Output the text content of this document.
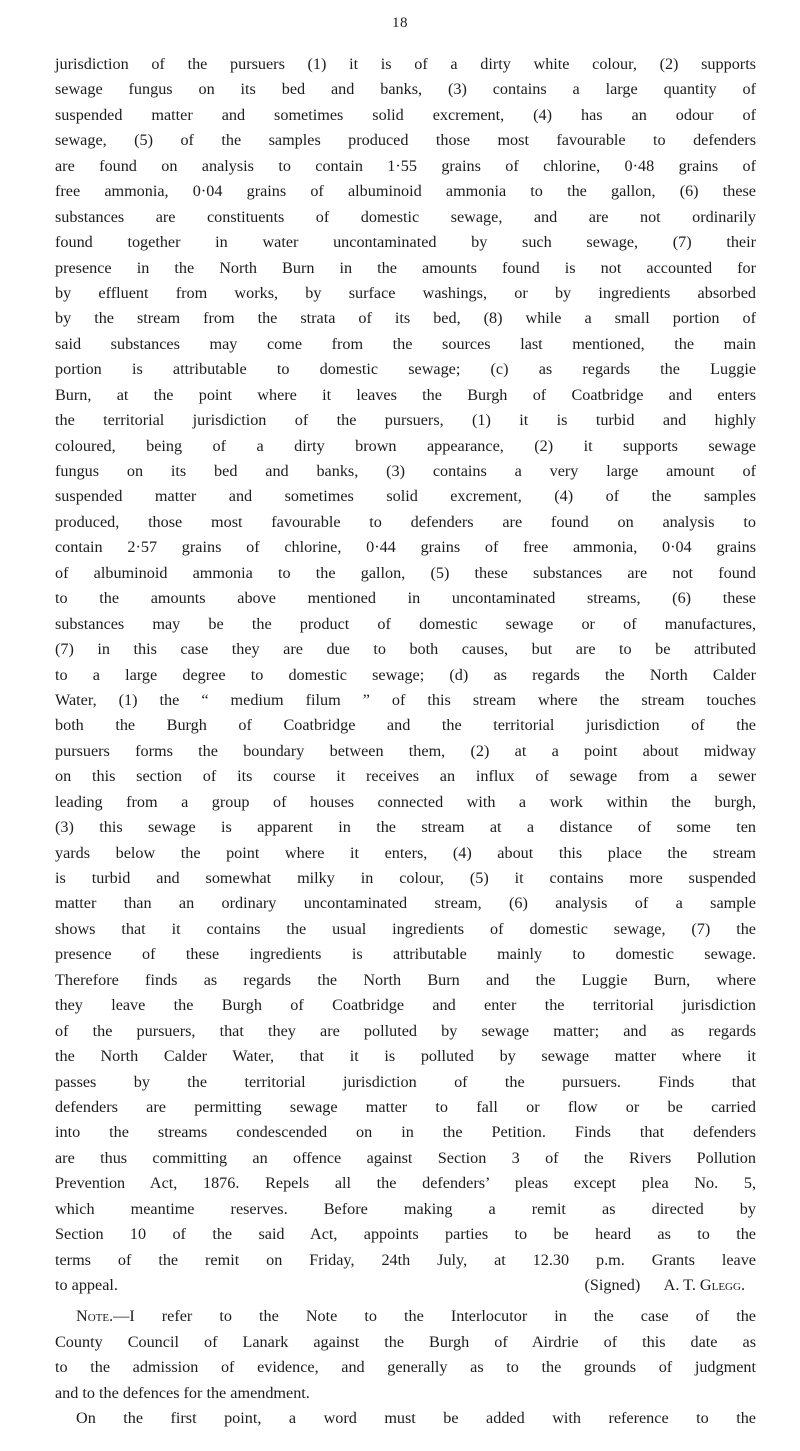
18
jurisdiction of the pursuers (1) it is of a dirty white colour, (2) supports
sewage fungus on its bed and banks, (3) contains a large quantity of
suspended matter and sometimes solid excrement, (4) has an odour of
sewage, (5) of the samples produced those most favourable to defenders
are found on analysis to contain 1·55 grains of chlorine, 0·48 grains of
free ammonia, 0·04 grains of albuminoid ammonia to the gallon, (6) these
substances are constituents of domestic sewage, and are not ordinarily
found together in water uncontaminated by such sewage, (7) their
presence in the North Burn in the amounts found is not accounted for
by effluent from works, by surface washings, or by ingredients absorbed
by the stream from the strata of its bed, (8) while a small portion of
said substances may come from the sources last mentioned, the main
portion is attributable to domestic sewage; (c) as regards the Luggie
Burn, at the point where it leaves the Burgh of Coatbridge and enters
the territorial jurisdiction of the pursuers, (1) it is turbid and highly
coloured, being of a dirty brown appearance, (2) it supports sewage
fungus on its bed and banks, (3) contains a very large amount of
suspended matter and sometimes solid excrement, (4) of the samples
produced, those most favourable to defenders are found on analysis to
contain 2·57 grains of chlorine, 0·44 grains of free ammonia, 0·04 grains
of albuminoid ammonia to the gallon, (5) these substances are not found
to the amounts above mentioned in uncontaminated streams, (6) these
substances may be the product of domestic sewage or of manufactures,
(7) in this case they are due to both causes, but are to be attributed
to a large degree to domestic sewage; (d) as regards the North Calder
Water, (1) the “ medium filum ” of this stream where the stream touches
both the Burgh of Coatbridge and the territorial jurisdiction of the
pursuers forms the boundary between them, (2) at a point about midway
on this section of its course it receives an influx of sewage from a sewer
leading from a group of houses connected with a work within the burgh,
(3) this sewage is apparent in the stream at a distance of some ten
yards below the point where it enters, (4) about this place the stream
is turbid and somewhat milky in colour, (5) it contains more suspended
matter than an ordinary uncontaminated stream, (6) analysis of a sample
shows that it contains the usual ingredients of domestic sewage, (7) the
presence of these ingredients is attributable mainly to domestic sewage.
Therefore finds as regards the North Burn and the Luggie Burn, where
they leave the Burgh of Coatbridge and enter the territorial jurisdiction
of the pursuers, that they are polluted by sewage matter; and as regards
the North Calder Water, that it is polluted by sewage matter where it
passes by the territorial jurisdiction of the pursuers. Finds that
defenders are permitting sewage matter to fall or flow or be carried
into the streams condescended on in the Petition. Finds that defenders
are thus committing an offence against Section 3 of the Rivers Pollution
Prevention Act, 1876. Repels all the defenders’ pleas except plea No. 5,
which meantime reserves. Before making a remit as directed by
Section 10 of the said Act, appoints parties to be heard as to the
terms of the remit on Friday, 24th July, at 12.30 p.m. Grants leave
to appeal.	(Signed) A. T. Glegg.
Note.—I refer to the Note to the Interlocutor in the case of the
County Council of Lanark against the Burgh of Airdrie of this date as
to the admission of evidence, and generally as to the grounds of judgment
and to the defences for the amendment.
On the first point, a word must be added with reference to the
